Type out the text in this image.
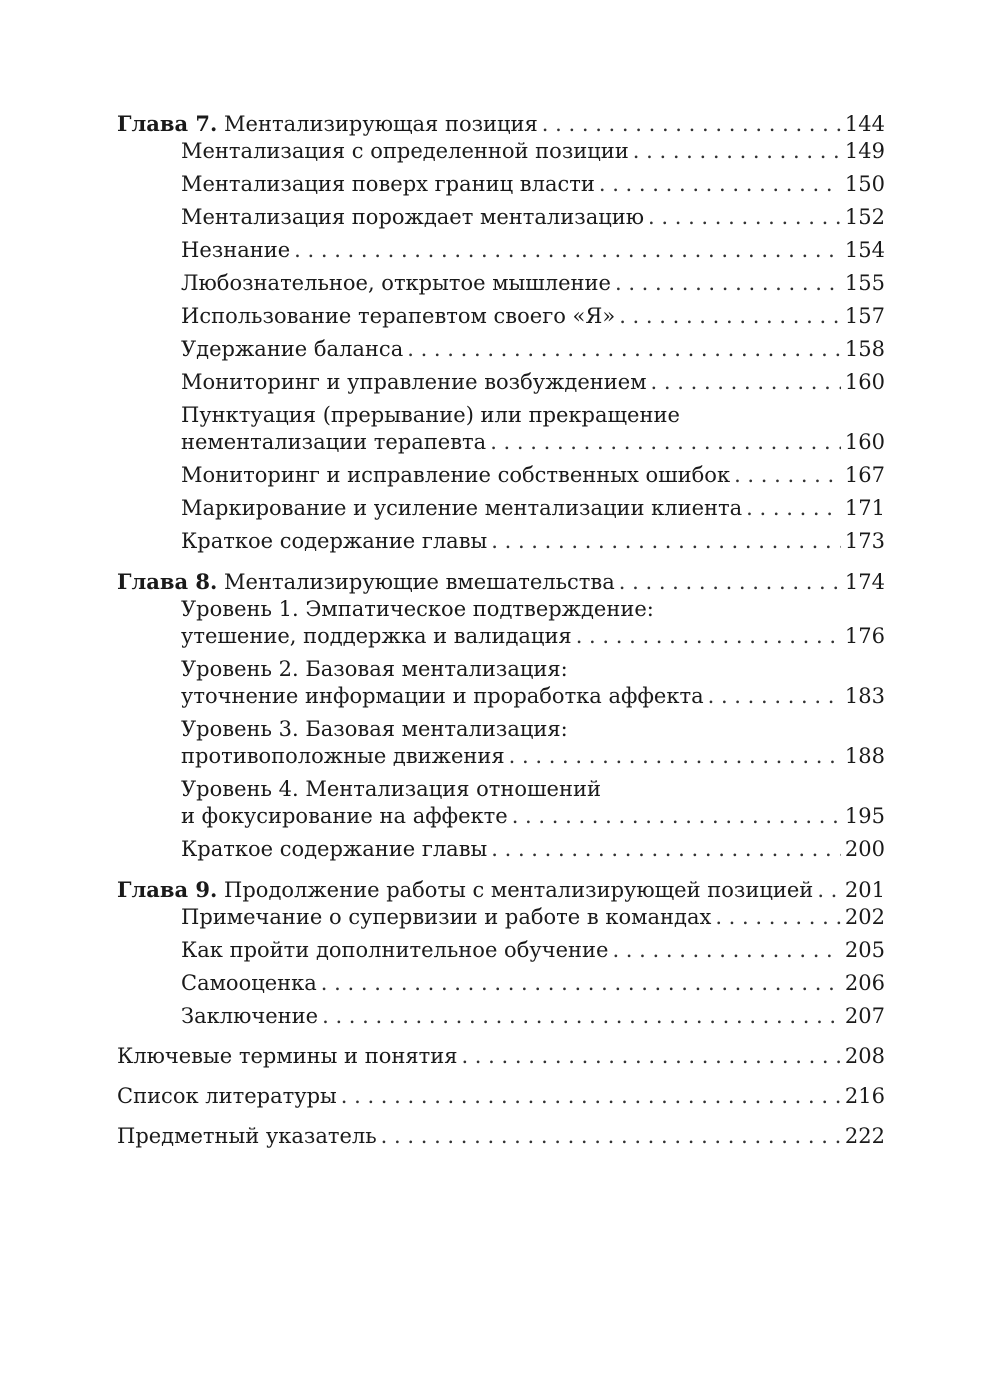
Глава 7. Ментализирующая позиция . . .	144
Ментализация с определенной позиции . . .	149
Ментализация поверх границ власти . . .	150
Ментализация порождает ментализацию . . .	152
Незнание . . .	154
Любознательное, открытое мышление . . .	155
Использование терапевтом своего «Я» . . .	157
Удержание баланса . . .	158
Мониторинг и управление возбуждением . . .	160
Пунктуация (прерывание) или прекращение
нементализации терапевта . . .	160
Мониторинг и исправление собственных ошибок . . .	167
Маркирование и усиление ментализации клиента . . .	171
Краткое содержание главы . . .	173
Глава 8. Ментализирующие вмешательства . . .	174
Уровень 1. Эмпатическое подтверждение:
утешение, поддержка и валидация . . .	176
Уровень 2. Базовая ментализация:
уточнение информации и проработка аффекта . . .	183
Уровень 3. Базовая ментализация:
противоположные движения . . .	188
Уровень 4. Ментализация отношений
и фокусирование на аффекте . . .	195
Краткое содержание главы . . .	200
Глава 9. Продолжение работы с ментализирующей позицией . . . 201
Примечание о супервизии и работе в командах . . .	202
Как пройти дополнительное обучение . . .	205
Самооценка . . .	206
Заключение . . .	207
Ключевые термины и понятия . . .	208
Список литературы . . .	216
Предметный указатель . . .	222
